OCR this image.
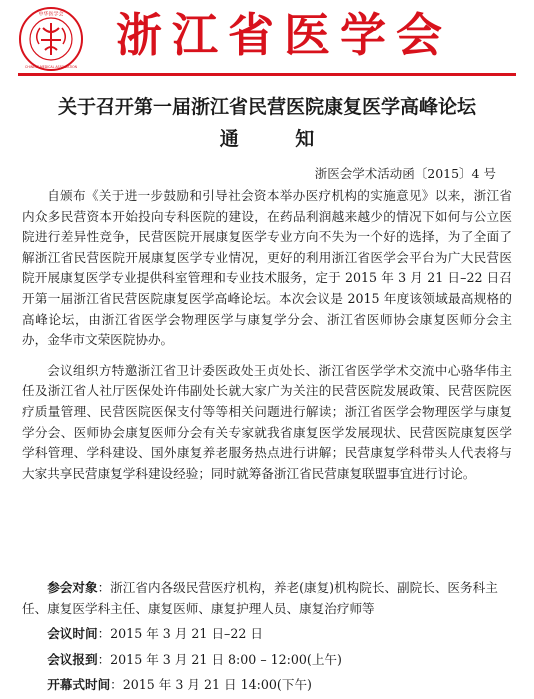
中华医学会
CHINESE MEDICAL ASSOCIATION
浙江省医学会
关于召开第一届浙江省民营医院康复医学高峰论坛
通 知
浙医会学术活动函〔2015〕4 号

自颁布《关于进一步鼓励和引导社会资本举办医疗机构的实施意见》以来，浙江省内众多民营资本开始投向专科医院的建设，在药品利润越来越少的情况下如何与公立医院进行差异性竞争，民营医院开展康复医学专业方向不失为一个好的选择，为了全面了解浙江省民营医院开展康复医学专业情况，更好的利用浙江省医学会平台为广大民营医院开展康复医学专业提供科室管理和专业技术服务，定于 2015 年 3 月 21 日–22 日召开第一届浙江省民营医院康复医学高峰论坛。本次会议是 2015 年度该领域最高规格的高峰论坛，由浙江省医学会物理医学与康复学分会、浙江省医师协会康复医师分会主办，金华市文荣医院协办。

会议组织方特邀浙江省卫计委医政处王贞处长、浙江省医学学术交流中心骆华伟主任及浙江省人社厅医保处许伟副处长就大家广为关注的民营医院发展政策、民营医院医疗质量管理、民营医院医保支付等等相关问题进行解读；浙江省医学会物理医学与康复学分会、医师协会康复医师分会有关专家就我省康复医学发展现状、民营医院康复医学学科管理、学科建设、国外康复养老服务热点进行讲解；民营康复学科带头人代表将与大家共享民营康复学科建设经验；同时就筹备浙江省民营康复联盟事宜进行讨论。

参会对象：浙江省内各级民营医疗机构，养老(康复)机构院长、副院长、医务科主任、康复医学科主任、康复医师、康复护理人员、康复治疗师等

会议时间：2015 年 3 月 21 日–22 日

会议报到：2015 年 3 月 21 日 8:00 – 12:00(上午)

开幕式时间：2015 年 3 月 21 日 14:00(下午)
